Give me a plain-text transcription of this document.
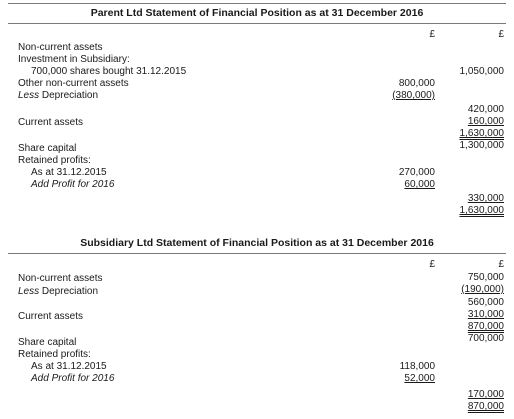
Parent Ltd Statement of Financial Position as at 31 December 2016
£	£
Non-current assets
Investment in Subsidiary:
700,000 shares bought 31.12.2015	1,050,000
Other non-current assets	800,000
Less Depreciation	(380,000)
420,000
Current assets	160,000
1,630,000
Share capital	1,300,000
Retained profits:
As at 31.12.2015	270,000
Add Profit for 2016	60,000
330,000
1,630,000
Subsidiary Ltd Statement of Financial Position as at 31 December 2016
£	£
Non-current assets	750,000
Less Depreciation	(190,000)
560,000
Current assets	310,000
870,000
Share capital	700,000
Retained profits:
As at 31.12.2015	118,000
Add Profit for 2016	52,000
170,000
870,000
